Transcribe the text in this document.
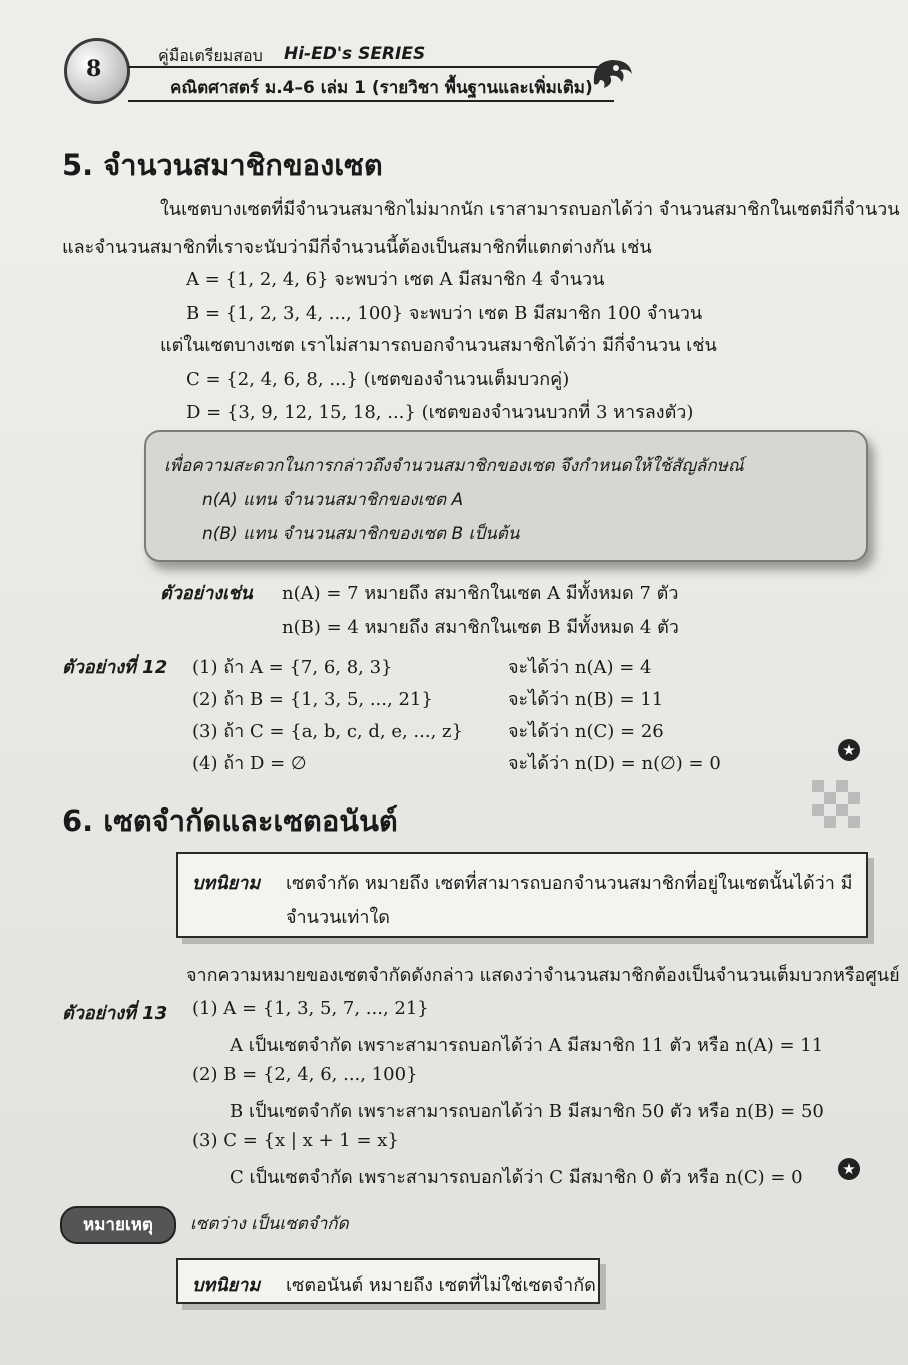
8
คู่มือเตรียมสอบ Hi-ED's SERIES
คณิตศาสตร์ ม.4–6 เล่ม 1 (รายวิชา พื้นฐานและเพิ่มเติม)
5. จำนวนสมาชิกของเซต
ในเซตบางเซตที่มีจำนวนสมาชิกไม่มากนัก เราสามารถบอกได้ว่า จำนวนสมาชิกในเซตมีกี่จำนวน
และจำนวนสมาชิกที่เราจะนับว่ามีกี่จำนวนนี้ต้องเป็นสมาชิกที่แตกต่างกัน เช่น
A = {1, 2, 4, 6} จะพบว่า เซต A มีสมาชิก 4 จำนวน
B = {1, 2, 3, 4, ..., 100} จะพบว่า เซต B มีสมาชิก 100 จำนวน
แต่ในเซตบางเซต เราไม่สามารถบอกจำนวนสมาชิกได้ว่า มีกี่จำนวน เช่น
C = {2, 4, 6, 8, ...} (เซตของจำนวนเต็มบวกคู่)
D = {3, 9, 12, 15, 18, ...} (เซตของจำนวนบวกที่ 3 หารลงตัว)
เพื่อความสะดวกในการกล่าวถึงจำนวนสมาชิกของเซต จึงกำหนดให้ใช้สัญลักษณ์
n(A) แทน จำนวนสมาชิกของเซต A
n(B) แทน จำนวนสมาชิกของเซต B เป็นต้น
ตัวอย่างเช่น n(A) = 7 หมายถึง สมาชิกในเซต A มีทั้งหมด 7 ตัว
n(B) = 4 หมายถึง สมาชิกในเซต B มีทั้งหมด 4 ตัว
ตัวอย่างที่ 12 (1) ถ้า A = {7, 6, 8, 3}	จะได้ว่า n(A) = 4
(2) ถ้า B = {1, 3, 5, ..., 21}	จะได้ว่า n(B) = 11
(3) ถ้า C = {a, b, c, d, e, ..., z}	จะได้ว่า n(C) = 26
(4) ถ้า D = ∅	จะได้ว่า n(D) = n(∅) = 0
★
6. เซตจำกัดและเซตอนันต์
บทนิยาม เซตจำกัด หมายถึง เซตที่สามารถบอกจำนวนสมาชิกที่อยู่ในเซตนั้นได้ว่า มี
จำนวนเท่าใด
จากความหมายของเซตจำกัดดังกล่าว แสดงว่าจำนวนสมาชิกต้องเป็นจำนวนเต็มบวกหรือศูนย์
ตัวอย่างที่ 13 (1) A = {1, 3, 5, 7, ..., 21}
A เป็นเซตจำกัด เพราะสามารถบอกได้ว่า A มีสมาชิก 11 ตัว หรือ n(A) = 11
(2) B = {2, 4, 6, ..., 100}
B เป็นเซตจำกัด เพราะสามารถบอกได้ว่า B มีสมาชิก 50 ตัว หรือ n(B) = 50
(3) C = {x | x + 1 = x}
C เป็นเซตจำกัด เพราะสามารถบอกได้ว่า C มีสมาชิก 0 ตัว หรือ n(C) = 0	★
หมายเหตุ	เซตว่าง เป็นเซตจำกัด
บทนิยาม เซตอนันต์ หมายถึง เซตที่ไม่ใช่เซตจำกัด
